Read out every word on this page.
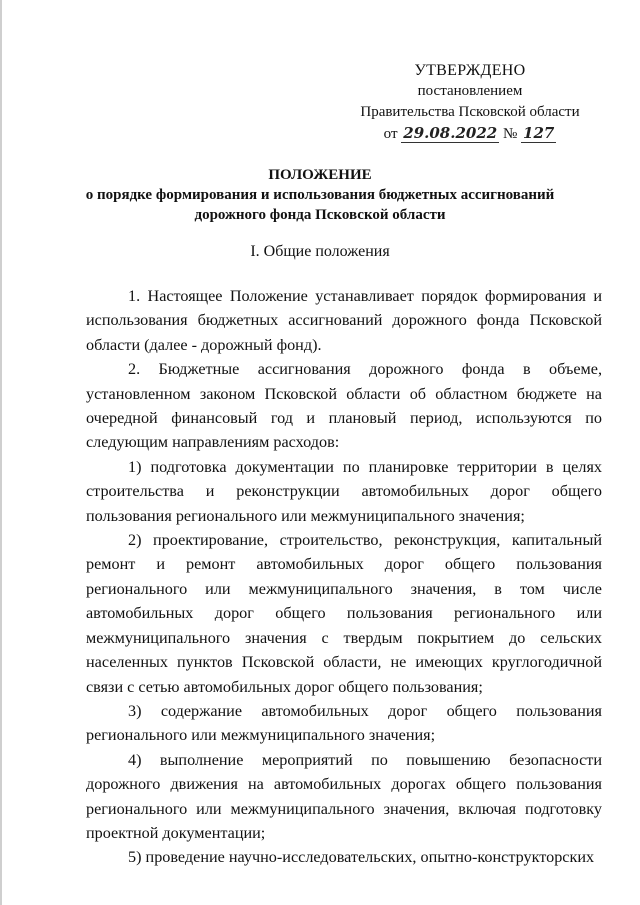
УТВЕРЖДЕНО
постановлением
Правительства Псковской области
от 29.08.2022 № 127
ПОЛОЖЕНИЕ
о порядке формирования и использования бюджетных ассигнований
дорожного фонда Псковской области
I. Общие положения

1. Настоящее Положение устанавливает порядок формирования и использования бюджетных ассигнований дорожного фонда Псковской области (далее - дорожный фонд).

2. Бюджетные ассигнования дорожного фонда в объеме, установленном законом Псковской области об областном бюджете на очередной финансовый год и плановый период, используются по следующим направлениям расходов:

1) подготовка документации по планировке территории в целях строительства и реконструкции автомобильных дорог общего пользования регионального или межмуниципального значения;

2) проектирование, строительство, реконструкция, капитальный ремонт и ремонт автомобильных дорог общего пользования регионального или межмуниципального значения, в том числе автомобильных дорог общего пользования регионального или межмуниципального значения с твердым покрытием до сельских населенных пунктов Псковской области, не имеющих круглогодичной связи с сетью автомобильных дорог общего пользования;

3) содержание автомобильных дорог общего пользования регионального или межмуниципального значения;

4) выполнение мероприятий по повышению безопасности дорожного движения на автомобильных дорогах общего пользования регионального или межмуниципального значения, включая подготовку проектной документации;

5) проведение научно-исследовательских, опытно-конструкторских
